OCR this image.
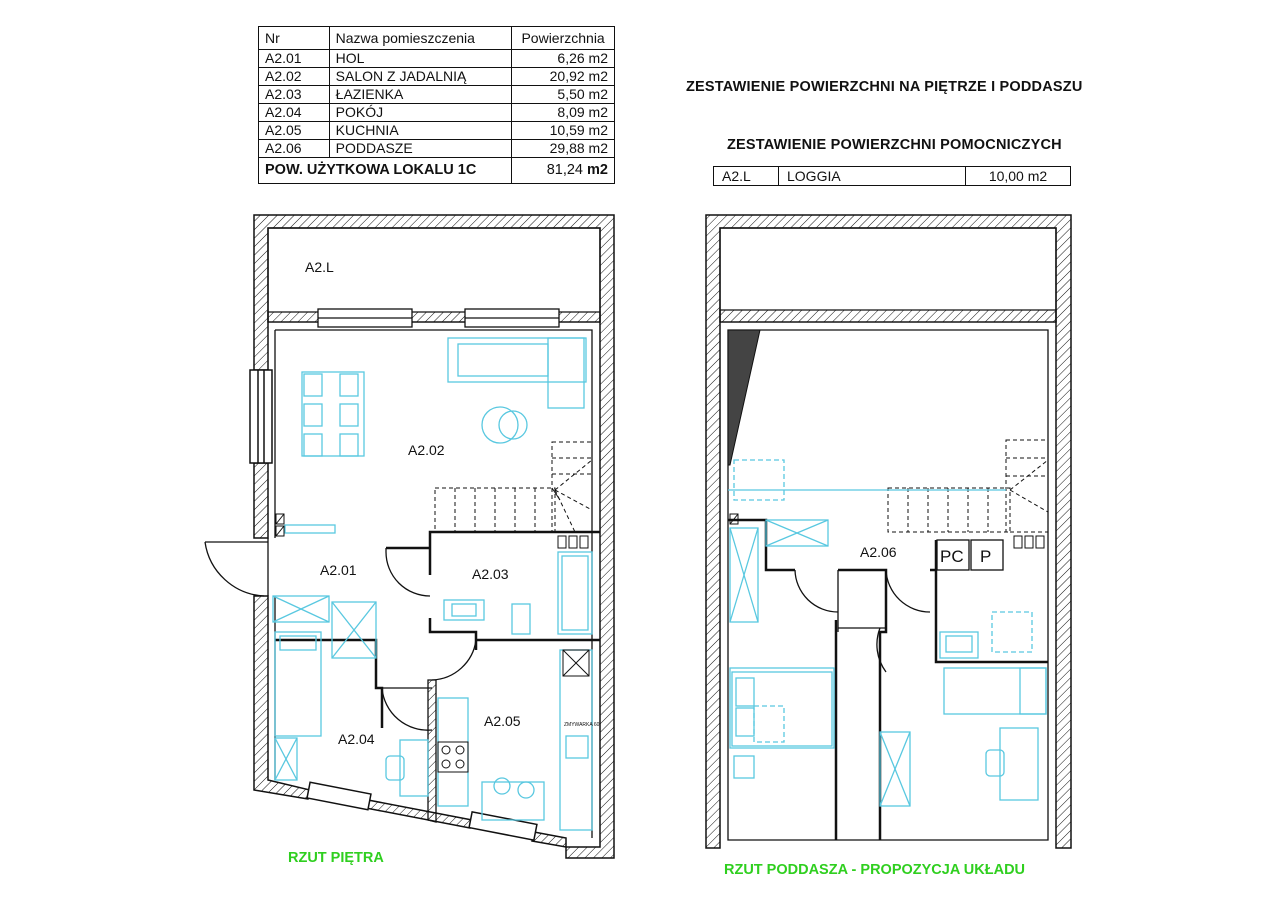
Nr	Nazwa pomieszczenia	Powierzchnia
A2.01	HOL	6,26 m2
A2.02	SALON Z JADALNIĄ	20,92 m2
A2.03	ŁAZIENKA	5,50 m2
A2.04	POKÓJ	8,09 m2
A2.05	KUCHNIA	10,59 m2
A2.06	PODDASZE	29,88 m2
POW. UŻYTKOWA LOKALU 1C		81,24 m2
ZESTAWIENIE POWIERZCHNI NA PIĘTRZE I PODDASZU
ZESTAWIENIE POWIERZCHNI POMOCNICZYCH
A2.L	LOGGIA	10,00 m2
ZMYWARKA 60
A2.L
A2.02
A2.01	A2.03
A2.04
A2.05
PC P
A2.06
RZUT PIĘTRA
RZUT PODDASZA - PROPOZYCJA UKŁADU
